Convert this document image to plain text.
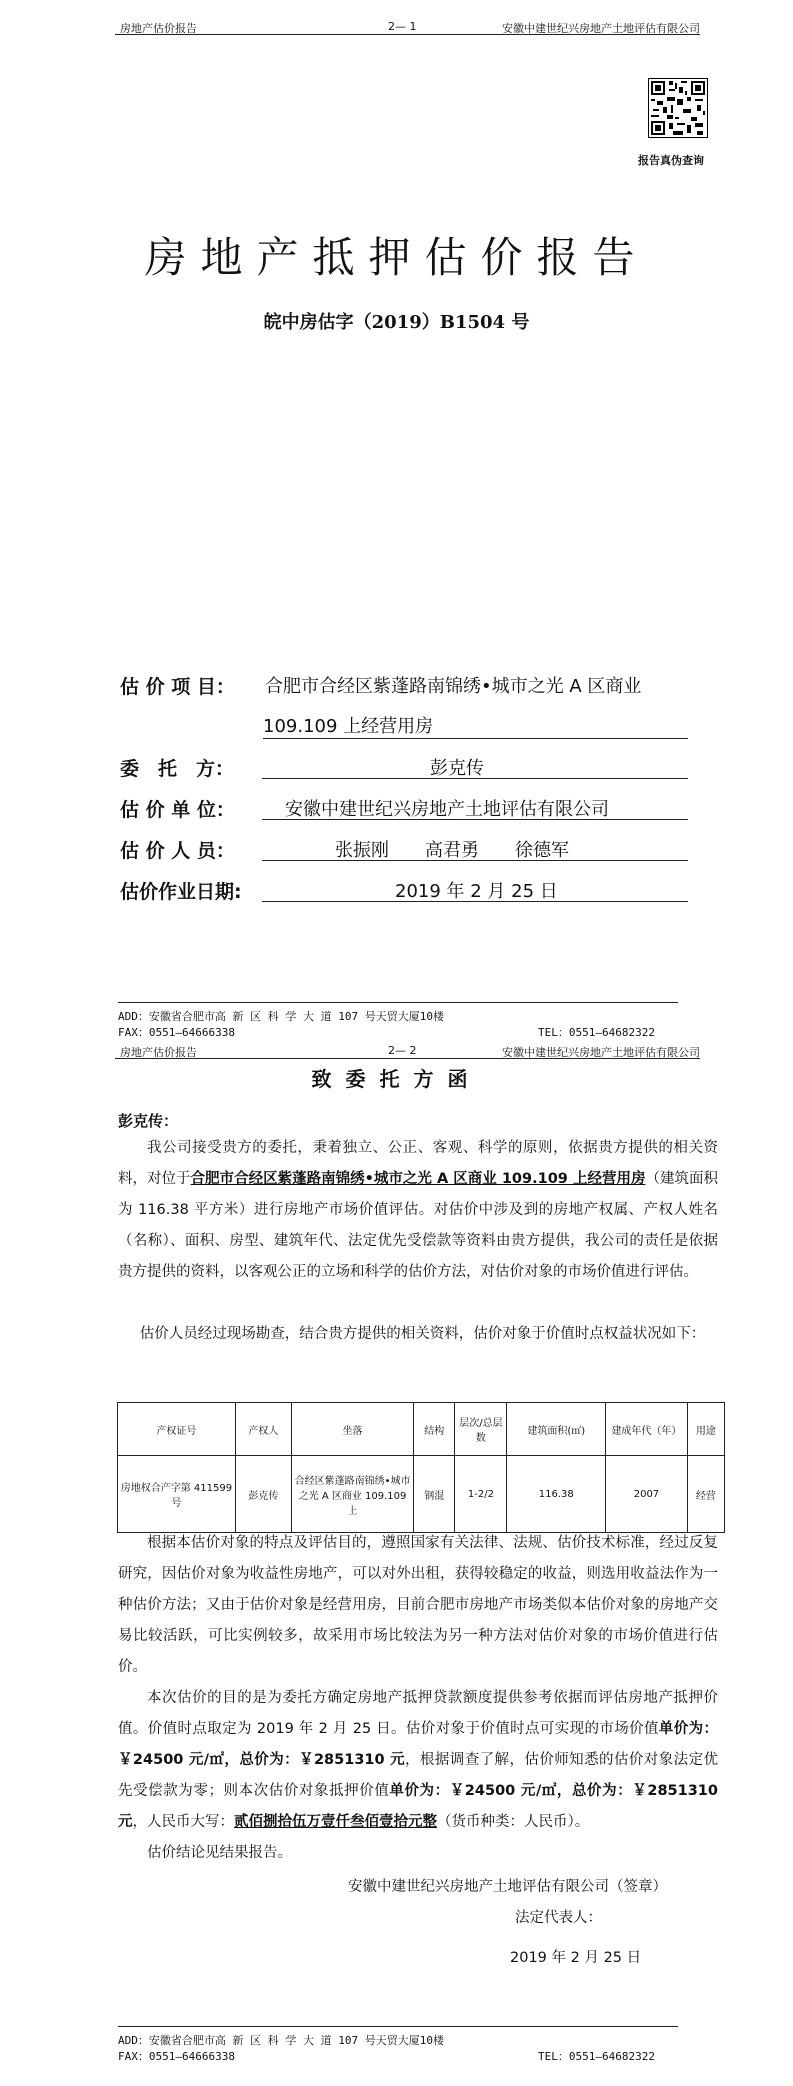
房地产估价报告	2— 1	安徽中建世纪兴房地产土地评估有限公司
报告真伪查询
房地产抵押估价报告
皖中房估字（2019）B1504 号
估 价 项 目： 合肥市合经区紫蓬路南锦绣•城市之光 A 区商业
109.109 上经营用房
委　托　方：	彭克传
估 价 单 位：	安徽中建世纪兴房地产土地评估有限公司
估 价 人 员：	张振刚　　高君勇　　徐德军
估价作业日期:	2019 年 2 月 25 日
ADD：安徽省合肥市高 新 区 科 学 大 道 107 号天贸大厦10楼
FAX：0551—64666338	TEL：0551—64682322
房地产估价报告	2— 2	安徽中建世纪兴房地产土地评估有限公司
致委托方函
彭克传：
我公司接受贵方的委托，秉着独立、公正、客观、科学的原则，依据贵方提供的相关资料，对位于合肥市合经区紫蓬路南锦绣•城市之光 A 区商业 109.109 上经营用房（建筑面积为 116.38 平方米）进行房地产市场价值评估。对估价中涉及到的房地产权属、产权人姓名（名称）、面积、房型、建筑年代、法定优先受偿款等资料由贵方提供，我公司的责任是依据贵方提供的资料，以客观公正的立场和科学的估价方法，对估价对象的市场价值进行评估。
估价人员经过现场勘查，结合贵方提供的相关资料，估价对象于价值时点权益状况如下：
产权证号	产权人	坐落	结构	层次/总层数	建筑面积(㎡)	建成年代（年）	用途
房地权合产字第 411599 号	彭克传	合经区紫蓬路南锦绣•城市之光 A 区商业 109.109 上	钢混	1-2/2	116.38	2007	经营
根据本估价对象的特点及评估目的，遵照国家有关法律、法规、估价技术标准，经过反复研究，因估价对象为收益性房地产，可以对外出租，获得较稳定的收益，则选用收益法作为一种估价方法；又由于估价对象是经营用房，目前合肥市房地产市场类似本估价对象的房地产交易比较活跃，可比实例较多，故采用市场比较法为另一种方法对估价对象的市场价值进行估价。
本次估价的目的是为委托方确定房地产抵押贷款额度提供参考依据而评估房地产抵押价值。价值时点取定为 2019 年 2 月 25 日。估价对象于价值时点可实现的市场价值单价为：￥24500 元/㎡，总价为：￥2851310 元，根据调查了解，估价师知悉的估价对象法定优先受偿款为零；则本次估价对象抵押价值单价为：￥24500 元/㎡，总价为：￥2851310 元，人民币大写：贰佰捌拾伍万壹仟叁佰壹拾元整（货币种类：人民币）。
估价结论见结果报告。
安徽中建世纪兴房地产土地评估有限公司（签章）
法定代表人：
2019 年 2 月 25 日
ADD：安徽省合肥市高 新 区 科 学 大 道 107 号天贸大厦10楼
FAX：0551—64666338	TEL：0551—64682322
